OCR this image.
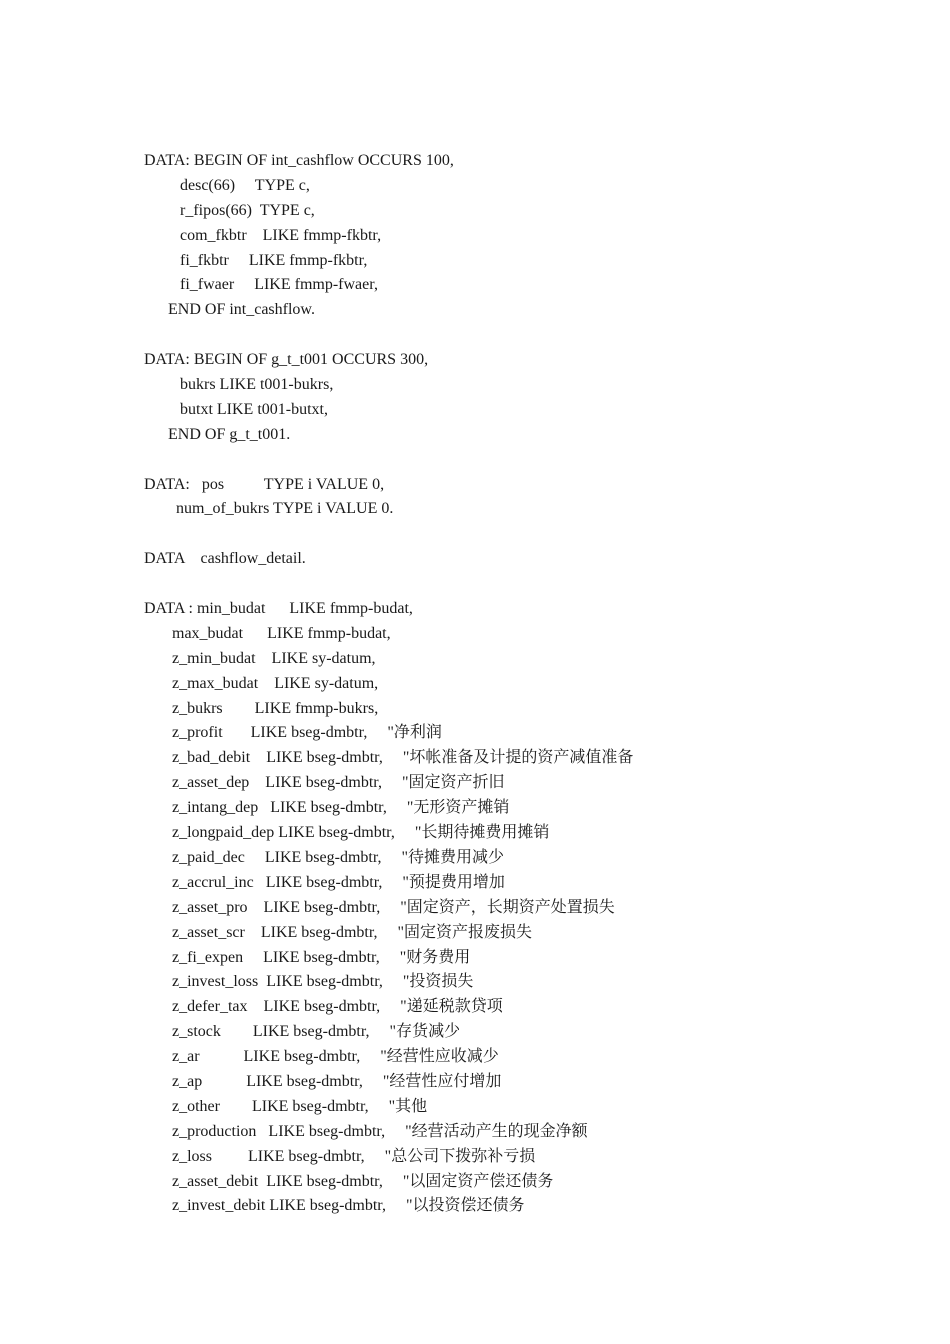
DATA: BEGIN OF int_cashflow OCCURS 100,
desc(66)     TYPE c,
r_fipos(66)  TYPE c,
com_fkbtr    LIKE fmmp-fkbtr,
fi_fkbtr     LIKE fmmp-fkbtr,
fi_fwaer     LIKE fmmp-fwaer,
END OF int_cashflow.

DATA: BEGIN OF g_t_t001 OCCURS 300,
bukrs LIKE t001-bukrs,
butxt LIKE t001-butxt,
END OF g_t_t001.

DATA:   pos          TYPE i VALUE 0,
num_of_bukrs TYPE i VALUE 0.

DATA    cashflow_detail.

DATA : min_budat      LIKE fmmp-budat,
max_budat      LIKE fmmp-budat,
z_min_budat    LIKE sy-datum,
z_max_budat    LIKE sy-datum,
z_bukrs        LIKE fmmp-bukrs,
z_profit       LIKE bseg-dmbtr,     "净利润
z_bad_debit    LIKE bseg-dmbtr,     "坏帐准备及计提的资产减值准备
z_asset_dep    LIKE bseg-dmbtr,     "固定资产折旧
z_intang_dep   LIKE bseg-dmbtr,     "无形资产摊销
z_longpaid_dep LIKE bseg-dmbtr,     "长期待摊费用摊销
z_paid_dec     LIKE bseg-dmbtr,     "待摊费用减少
z_accrul_inc   LIKE bseg-dmbtr,     "预提费用增加
z_asset_pro    LIKE bseg-dmbtr,     "固定资产，长期资产处置损失
z_asset_scr    LIKE bseg-dmbtr,     "固定资产报废损失
z_fi_expen     LIKE bseg-dmbtr,     "财务费用
z_invest_loss  LIKE bseg-dmbtr,     "投资损失
z_defer_tax    LIKE bseg-dmbtr,     "递延税款贷项
z_stock        LIKE bseg-dmbtr,     "存货减少
z_ar           LIKE bseg-dmbtr,     "经营性应收减少
z_ap           LIKE bseg-dmbtr,     "经营性应付增加
z_other        LIKE bseg-dmbtr,     "其他
z_production   LIKE bseg-dmbtr,     "经营活动产生的现金净额
z_loss         LIKE bseg-dmbtr,     "总公司下拨弥补亏损
z_asset_debit  LIKE bseg-dmbtr,     "以固定资产偿还债务
z_invest_debit LIKE bseg-dmbtr,     "以投资偿还债务
